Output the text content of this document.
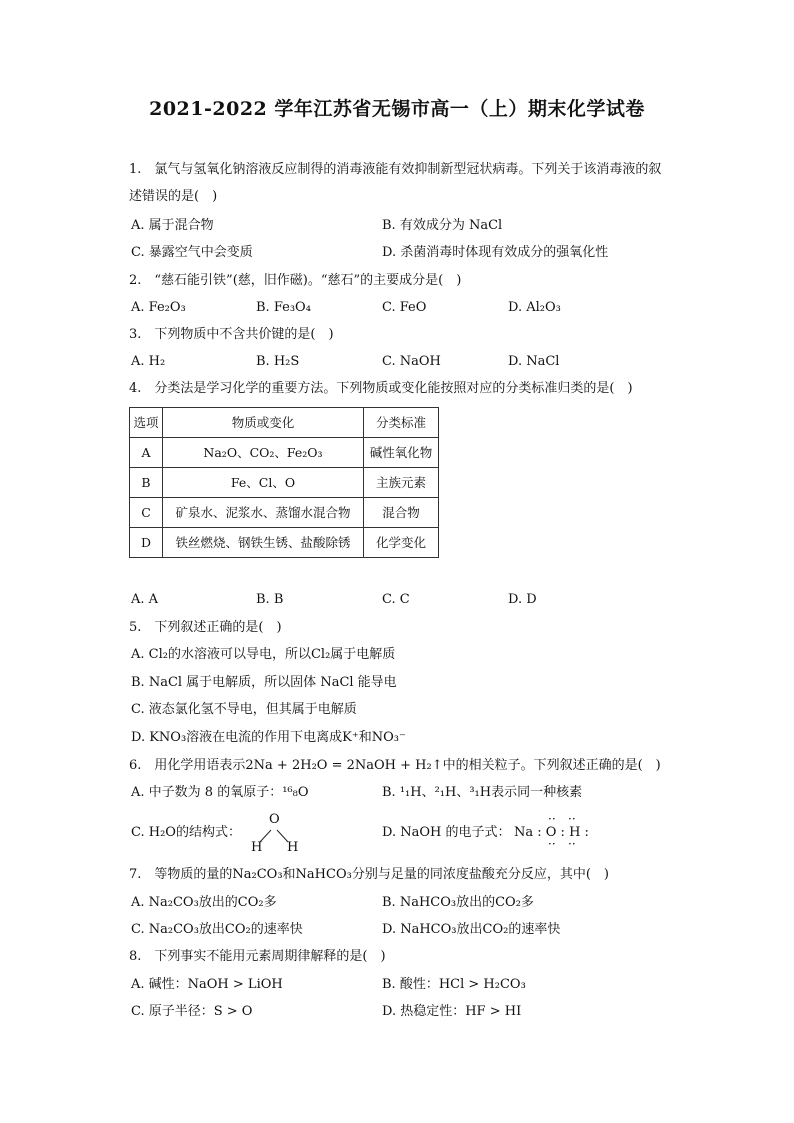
2021-2022 学年江苏省无锡市高一（上）期末化学试卷
1.　氯气与氢氧化钠溶液反应制得的消毒液能有效抑制新型冠状病毒。下列关于该消毒液的叙
述错误的是(　)
A. 属于混合物	B. 有效成分为 NaCl
C. 暴露空气中会变质	D. 杀菌消毒时体现有效成分的强氧化性
2.　“慈石能引铁”(慈，旧作磁)。“慈石”的主要成分是(　)
A. Fe₂O₃	B. Fe₃O₄	C. FeO	D. Al₂O₃
3.　下列物质中不含共价键的是(　)
A. H₂	B. H₂S	C. NaOH	D. NaCl
4.　分类法是学习化学的重要方法。下列物质或变化能按照对应的分类标准归类的是(　)
选项	物质或变化	分类标准
A	Na₂O、CO₂、Fe₂O₃	碱性氧化物
B	Fe、Cl、O	主族元素
C	矿泉水、泥浆水、蒸馏水混合物	混合物
D	铁丝燃烧、钢铁生锈、盐酸除锈	化学变化
A. A	B. B	C. C	D. D
5.　下列叙述正确的是(　)
A. Cl₂的水溶液可以导电，所以Cl₂属于电解质
B. NaCl 属于电解质，所以固体 NaCl 能导电
C. 液态氯化氢不导电，但其属于电解质
D. KNO₃溶液在电流的作用下电离成K⁺和NO₃⁻
6.　用化学用语表示2Na + 2H₂O = 2NaOH + H₂↑中的相关粒子。下列叙述正确的是(　)
A. 中子数为 8 的氧原子：¹⁶₈O	B. ¹₁H、²₁H、³₁H表示同一种核素
C. H₂O的结构式：
O
H H
D. NaOH 的电子式： Na : O : H :
··
··
··
··
7.　等物质的量的Na₂CO₃和NaHCO₃分别与足量的同浓度盐酸充分反应，其中(　)
A. Na₂CO₃放出的CO₂多	B. NaHCO₃放出的CO₂多
C. Na₂CO₃放出CO₂的速率快	D. NaHCO₃放出CO₂的速率快
8.　下列事实不能用元素周期律解释的是(　)
A. 碱性：NaOH > LiOH	B. 酸性：HCl > H₂CO₃
C. 原子半径：S > O	D. 热稳定性：HF > HI
